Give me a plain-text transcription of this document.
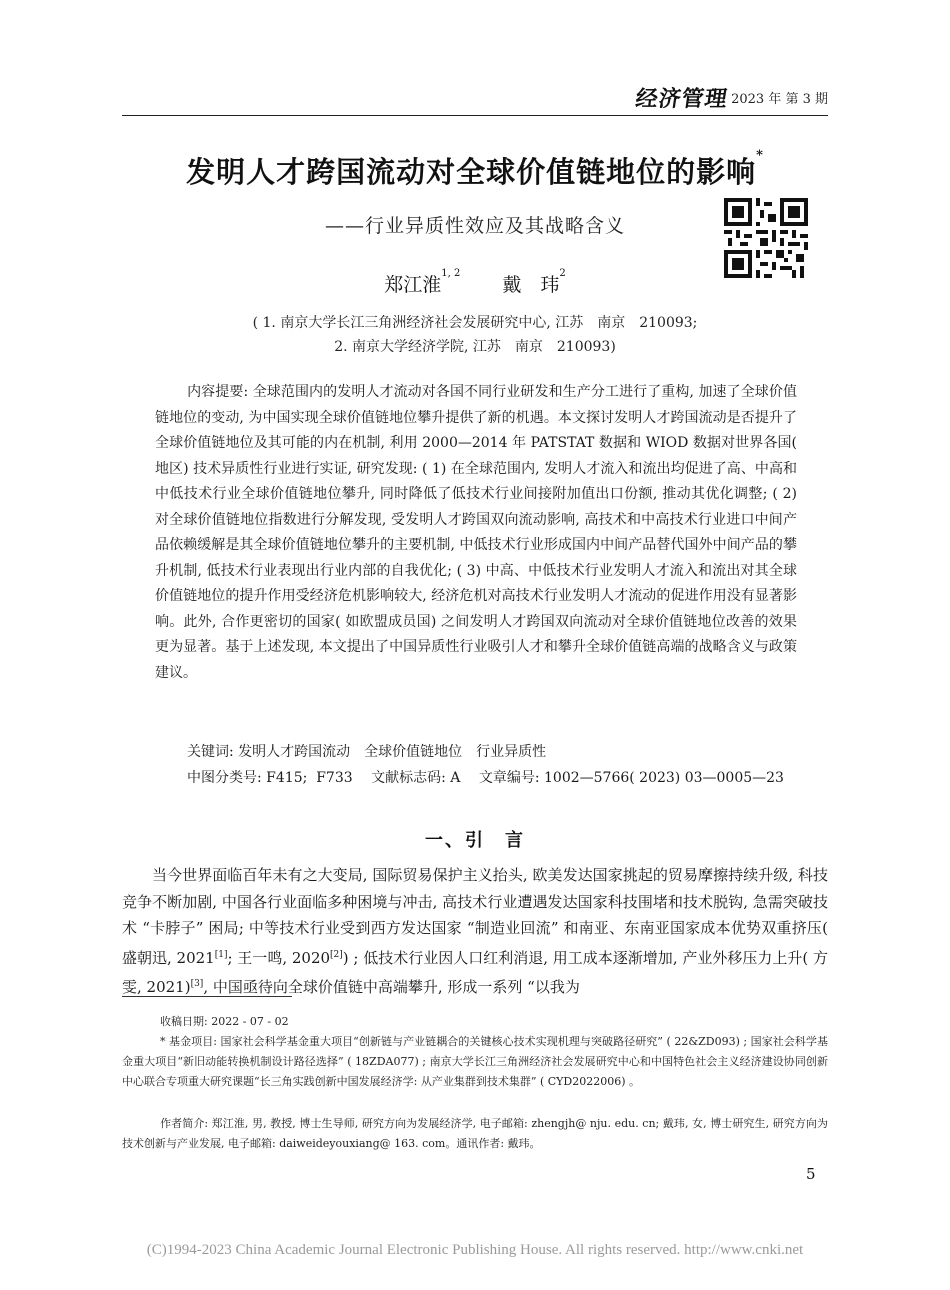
经济管理 2023 年 第 3 期
发明人才跨国流动对全球价值链地位的影响*
——行业异质性效应及其战略含义
郑江淮$^{1, 2}$  戴　玮$^2$
( 1. 南京大学长江三角洲经济社会发展研究中心, 江苏　南京　210093;
2. 南京大学经济学院, 江苏　南京　210093)
内容提要: 全球范围内的发明人才流动对各国不同行业研发和生产分工进行了重构, 加速了全球价值链地位的变动, 为中国实现全球价值链地位攀升提供了新的机遇。本文探讨发明人才跨国流动是否提升了全球价值链地位及其可能的内在机制, 利用 2000—2014 年 PATSTAT 数据和 WIOD 数据对世界各国( 地区) 技术异质性行业进行实证, 研究发现: ( 1) 在全球范围内, 发明人才流入和流出均促进了高、中高和中低技术行业全球价值链地位攀升, 同时降低了低技术行业间接附加值出口份额, 推动其优化调整; ( 2) 对全球价值链地位指数进行分解发现, 受发明人才跨国双向流动影响, 高技术和中高技术行业进口中间产品依赖缓解是其全球价值链地位攀升的主要机制, 中低技术行业形成国内中间产品替代国外中间产品的攀升机制, 低技术行业表现出行业内部的自我优化; ( 3) 中高、中低技术行业发明人才流入和流出对其全球价值链地位的提升作用受经济危机影响较大, 经济危机对高技术行业发明人才流动的促进作用没有显著影响。此外, 合作更密切的国家( 如欧盟成员国) 之间发明人才跨国双向流动对全球价值链地位改善的效果更为显著。基于上述发现, 本文提出了中国异质性行业吸引人才和攀升全球价值链高端的战略含义与政策建议。
关键词: 发明人才跨国流动　全球价值链地位　行业异质性
中图分类号: F415;  F733　 文献标志码: A　 文章编号: 1002—5766( 2023) 03—0005—23
一、引　言
当今世界面临百年未有之大变局, 国际贸易保护主义抬头, 欧美发达国家挑起的贸易摩擦持续升级, 科技竞争不断加剧, 中国各行业面临多种困境与冲击, 高技术行业遭遇发达国家科技围堵和技术脱钩, 急需突破技术 “卡脖子” 困局; 中等技术行业受到西方发达国家 “制造业回流” 和南亚、东南亚国家成本优势双重挤压( 盛朝迅, 2021[1]; 王一鸣, 2020[2]) ; 低技术行业因人口红利消退, 用工成本逐渐增加, 产业外移压力上升( 方雯, 2021)[3], 中国亟待向全球价值链中高端攀升, 形成一系列 “以我为
收稿日期: 2022 - 07 - 02
* 基金项目: 国家社会科学基金重大项目“创新链与产业链耦合的关键核心技术实现机理与突破路径研究” ( 22&ZD093) ; 国家社会科学基金重大项目“新旧动能转换机制设计路径选择” ( 18ZDA077) ; 南京大学长江三角洲经济社会发展研究中心和中国特色社会主义经济建设协同创新中心联合专项重大研究课题“长三角实践创新中国发展经济学: 从产业集群到技术集群” ( CYD2022006) 。
作者简介: 郑江淮, 男, 教授, 博士生导师, 研究方向为发展经济学, 电子邮箱: zhengjh@ nju. edu. cn; 戴玮, 女, 博士研究生, 研究方向为技术创新与产业发展, 电子邮箱: daiweideyouxiang@ 163. com。通讯作者: 戴玮。
5
(C)1994-2023 China Academic Journal Electronic Publishing House. All rights reserved. http://www.cnki.net
